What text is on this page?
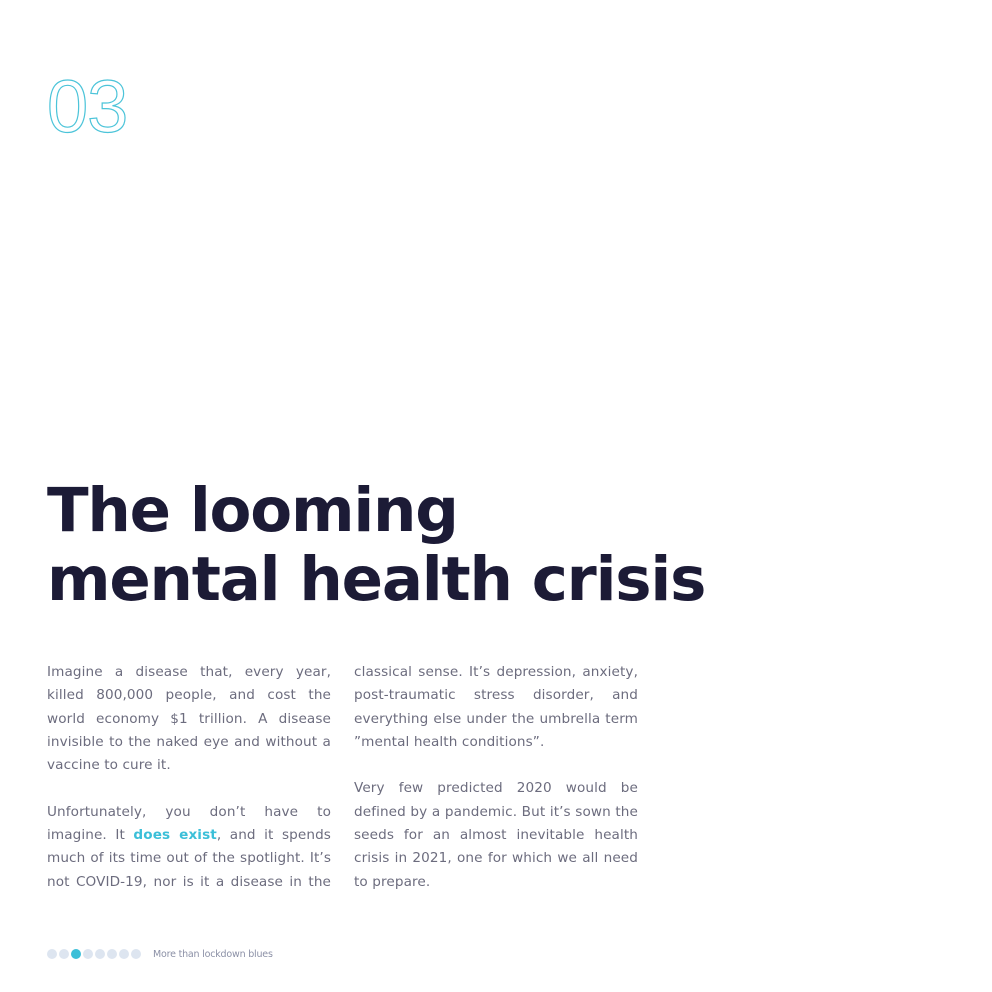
03
The looming
mental health crisis

Imagine a disease that, every year, killed 800,000 people, and cost the world economy $1 trillion. A disease invisible to the naked eye and without a vaccine to cure it.

Unfortunately, you don’t have to imagine. It does exist, and it spends much of its time out of the spotlight. It’s not COVID-19, nor is it a disease in the classical sense. It’s depression, anxiety, post-traumatic stress disorder, and everything else under the umbrella term ”mental health conditions”.

Very few predicted 2020 would be defined by a pandemic. But it’s sown the seeds for an almost inevitable health crisis in 2021, one for which we all need to prepare.

More than lockdown blues
